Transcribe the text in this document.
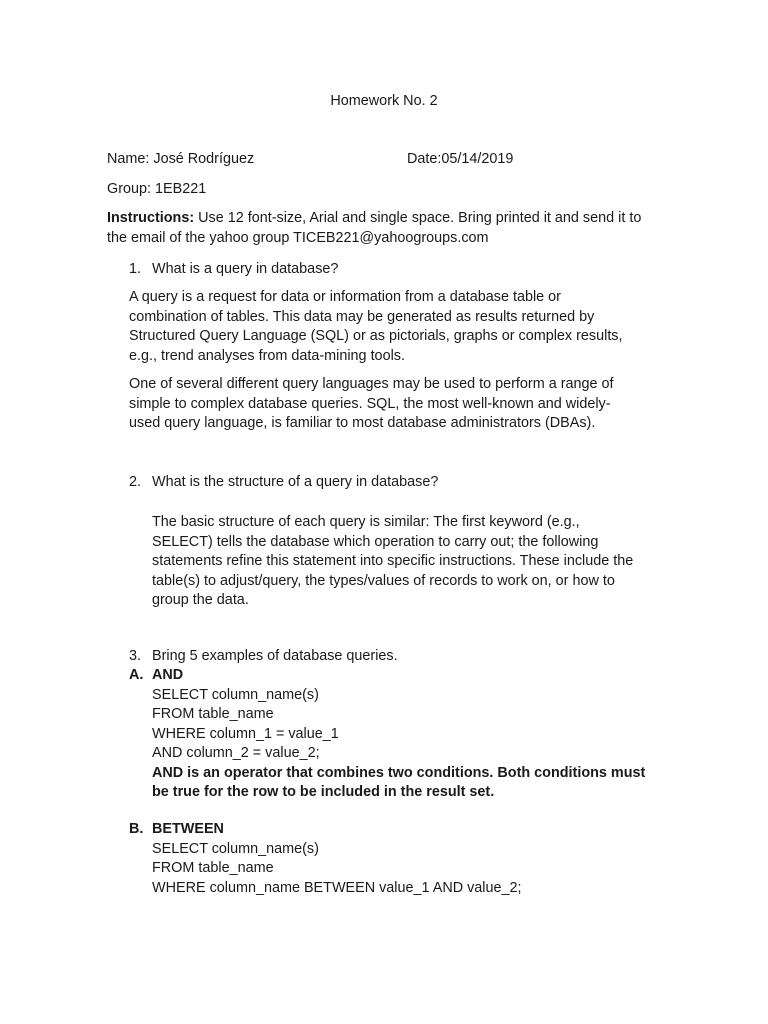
Homework No. 2
Name: José Rodríguez	Date:05/14/2019
Group: 1EB221
Instructions: Use 12 font-size, Arial and single space. Bring printed it and send it to
the email of the yahoo group TICEB221@yahoogroups.com
1. What is a query in database?
A query is a request for data or information from a database table or
combination of tables. This data may be generated as results returned by
Structured Query Language (SQL) or as pictorials, graphs or complex results,
e.g., trend analyses from data-mining tools.
One of several different query languages may be used to perform a range of
simple to complex database queries. SQL, the most well-known and widely-
used query language, is familiar to most database administrators (DBAs).
2. What is the structure of a query in database?
The basic structure of each query is similar: The first keyword (e.g.,
SELECT) tells the database which operation to carry out; the following
statements refine this statement into specific instructions. These include the
table(s) to adjust/query, the types/values of records to work on, or how to
group the data.
3. Bring 5 examples of database queries.
A. AND
SELECT column_name(s)
FROM table_name
WHERE column_1 = value_1
AND column_2 = value_2;
AND is an operator that combines two conditions. Both conditions must
be true for the row to be included in the result set.
B. BETWEEN
SELECT column_name(s)
FROM table_name
WHERE column_name BETWEEN value_1 AND value_2;
